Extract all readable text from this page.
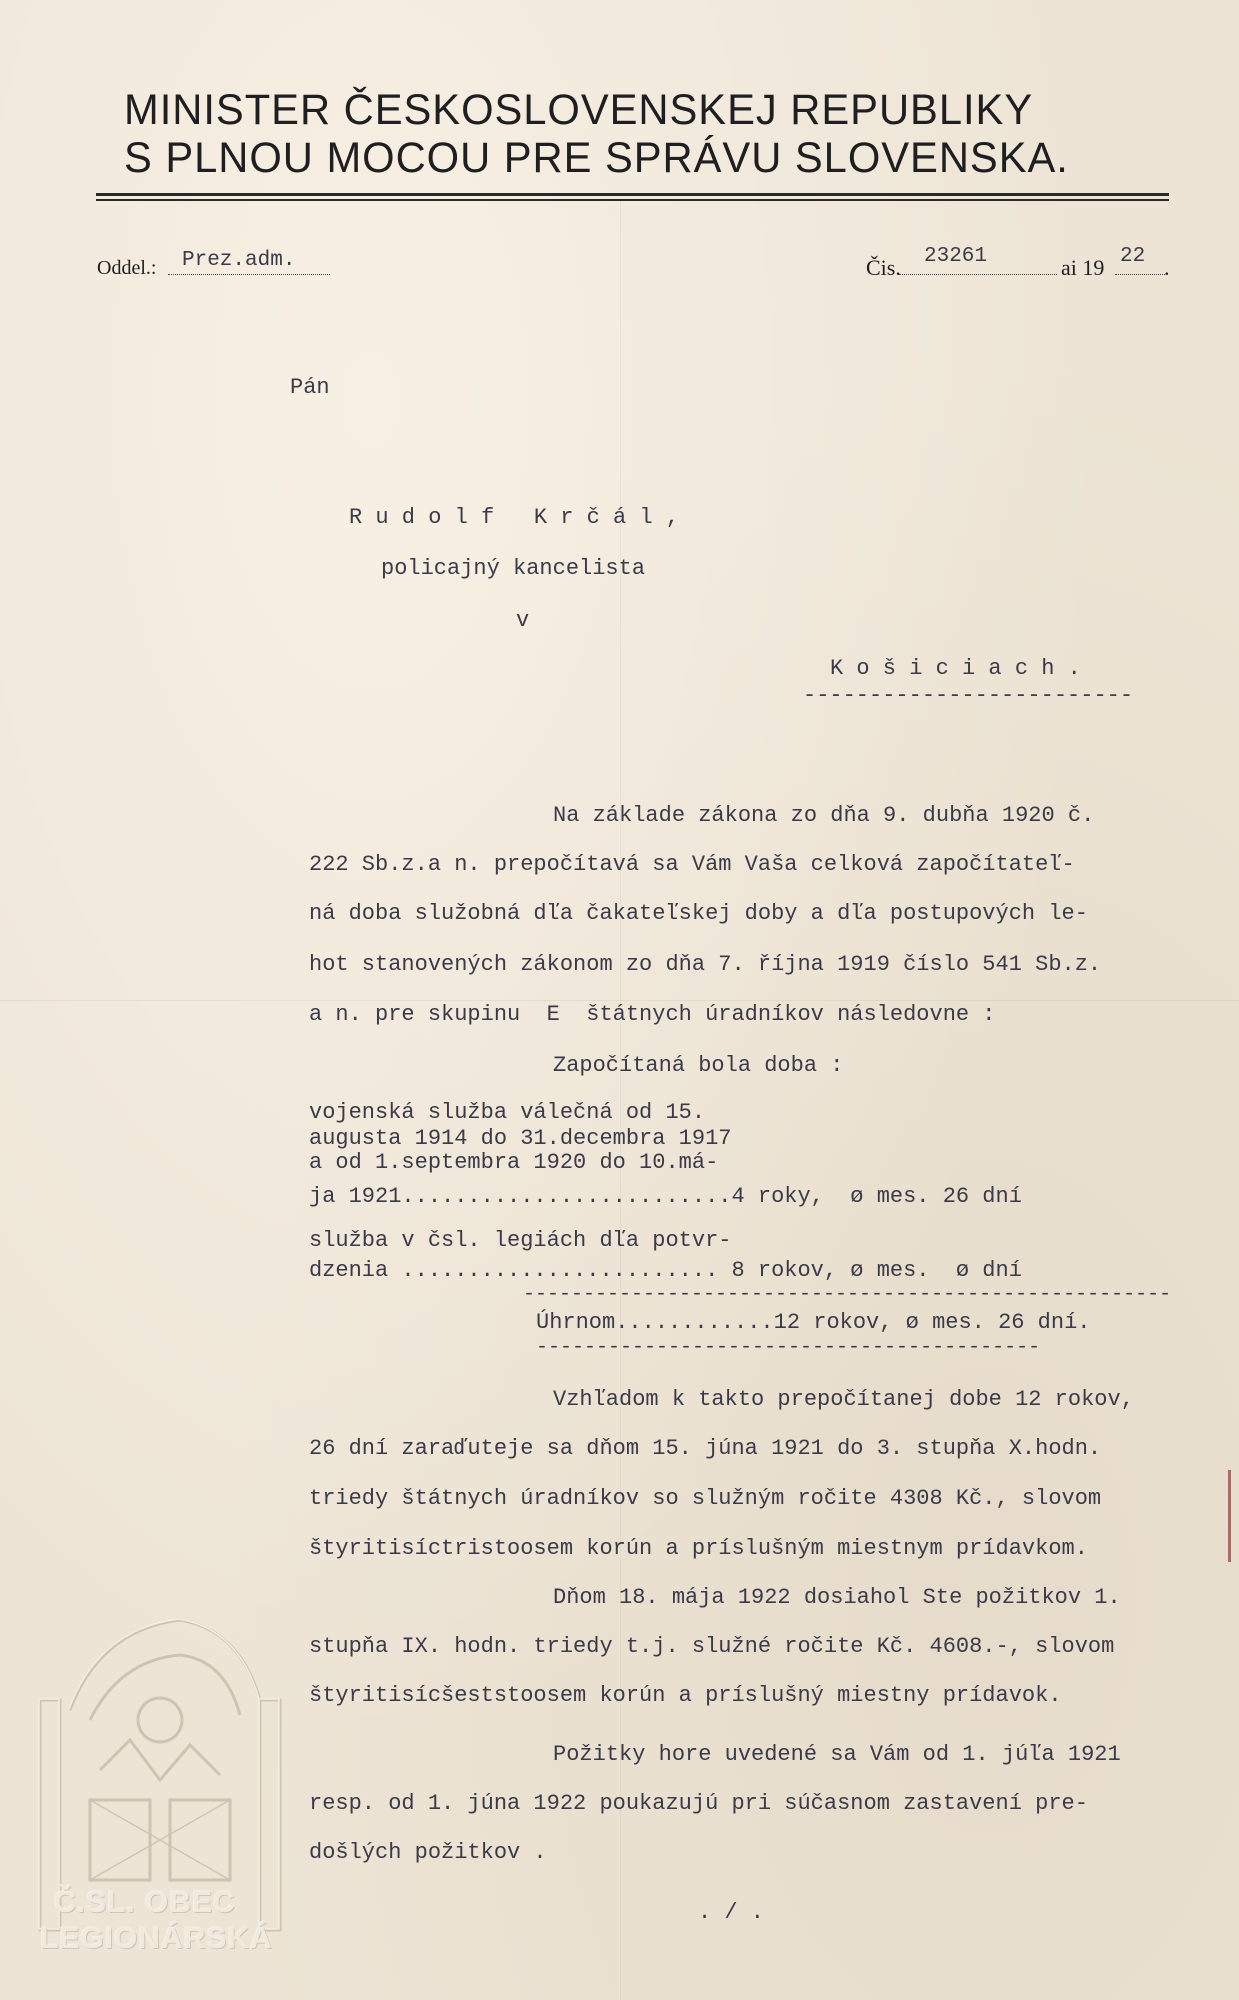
MINISTER ČESKOSLOVENSKEJ REPUBLIKY
S PLNOU MOCOU PRE SPRÁVU SLOVENSKA.
Oddel.: Prez.adm.	Čis. 23261	ai 19 22 .
Pán
R u d o l f   K r č á l ,
policajný kancelista
v
K o š i c i a c h .
-------------------------
Na základe zákona zo dňa 9. dubňa 1920 č.
222 Sb.z.a n. prepočítavá sa Vám Vaša celková započítateľ-
ná doba služobná dľa čakateľskej doby a dľa postupových le-
hot stanovených zákonom zo dňa 7. října 1919 číslo 541 Sb.z.
a n. pre skupinu  E  štátnych úradníkov následovne :
Započítaná bola doba :
vojenská služba válečná od 15.
augusta 1914 do 31.decembra 1917
a od 1.septembra 1920 do 10.má-
ja 1921.........................4 roky,  ø mes. 26 dní
služba v čsl. legiách dľa potvr-
dzenia ........................ 8 rokov, ø mes.  ø dní
------------------------------------------------------
Úhrnom............12 rokov, ø mes. 26 dní.
------------------------------------------
Vzhľadom k takto prepočítanej dobe 12 rokov,
26 dní zaraďuteje sa dňom 15. júna 1921 do 3. stupňa X.hodn.
triedy štátnych úradníkov so služným ročite 4308 Kč., slovom
štyritisíctristoosem korún a príslušným miestnym prídavkom.
Dňom 18. mája 1922 dosiahol Ste požitkov 1.
stupňa IX. hodn. triedy t.j. služné ročite Kč. 4608.-, slovom
štyritisícšeststoosem korún a príslušný miestny prídavok.
Požitky hore uvedené sa Vám od 1. júľa 1921
resp. od 1. júna 1922 poukazujú pri súčasnom zastavení pre-
došlých požitkov .
. / .
Č.SL. OBEC
LEGIONÁRSKÁ
